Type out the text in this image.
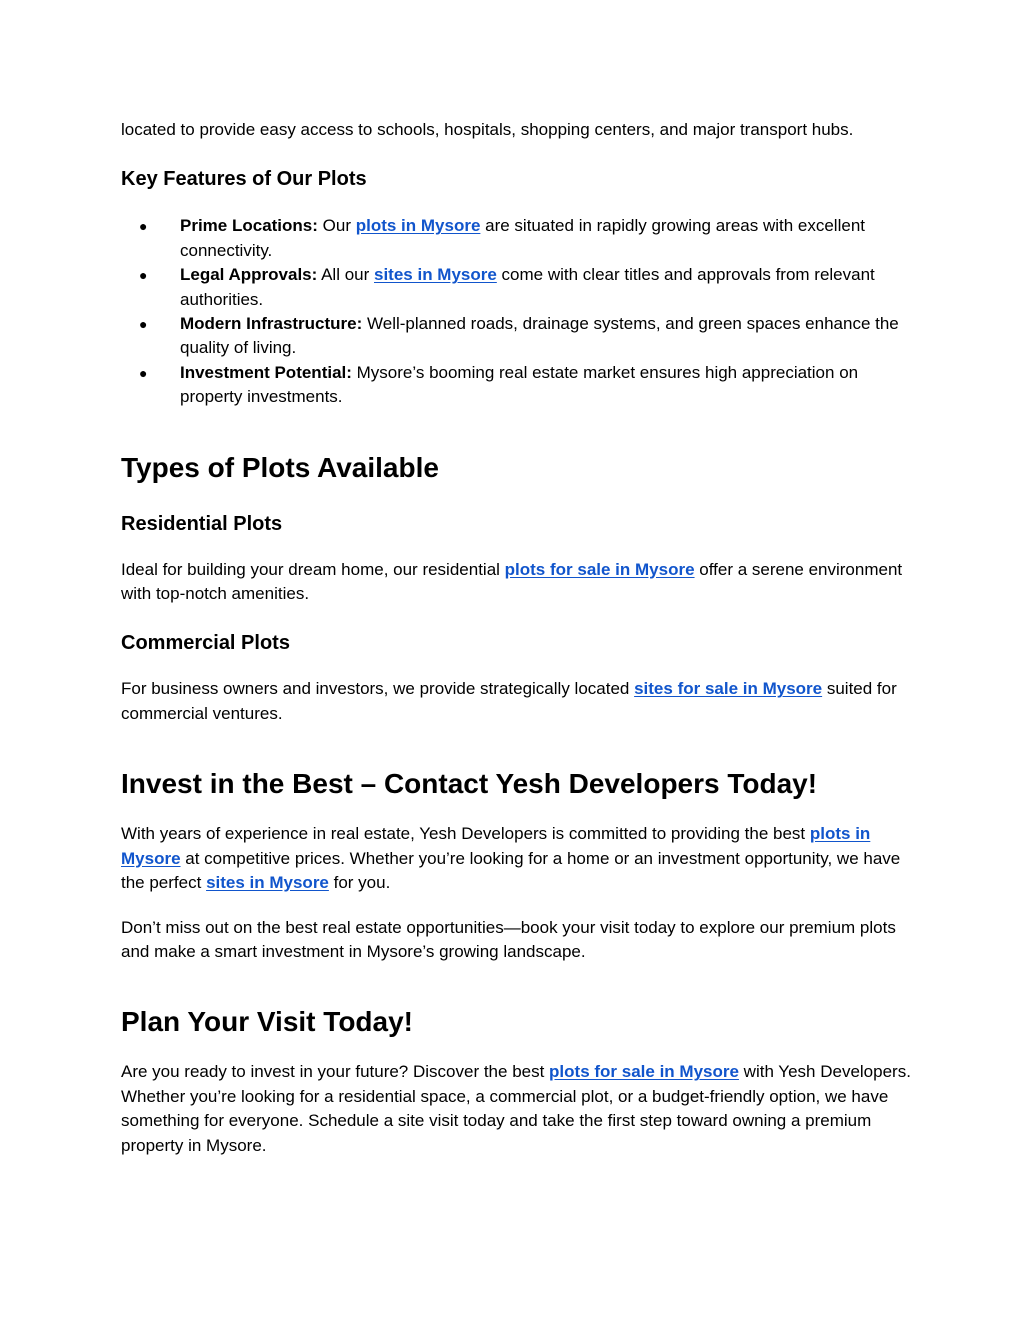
located to provide easy access to schools, hospitals, shopping centers, and major transport hubs.

Key Features of Our Plots
● Prime Locations: Our plots in Mysore are situated in rapidly growing areas with excellent connectivity.
● Legal Approvals: All our sites in Mysore come with clear titles and approvals from relevant authorities.
● Modern Infrastructure: Well-planned roads, drainage systems, and green spaces enhance the quality of living.
● Investment Potential: Mysore’s booming real estate market ensures high appreciation on property investments.
Types of Plots Available
Residential Plots

Ideal for building your dream home, our residential plots for sale in Mysore offer a serene environment with top-notch amenities.

Commercial Plots

For business owners and investors, we provide strategically located sites for sale in Mysore suited for commercial ventures.

Invest in the Best – Contact Yesh Developers Today!

With years of experience in real estate, Yesh Developers is committed to providing the best plots in Mysore at competitive prices. Whether you’re looking for a home or an investment opportunity, we have the perfect sites in Mysore for you.

Don’t miss out on the best real estate opportunities—book your visit today to explore our premium plots and make a smart investment in Mysore’s growing landscape.

Plan Your Visit Today!

Are you ready to invest in your future? Discover the best plots for sale in Mysore with Yesh Developers. Whether you’re looking for a residential space, a commercial plot, or a budget-friendly option, we have something for everyone. Schedule a site visit today and take the first step toward owning a premium property in Mysore.
